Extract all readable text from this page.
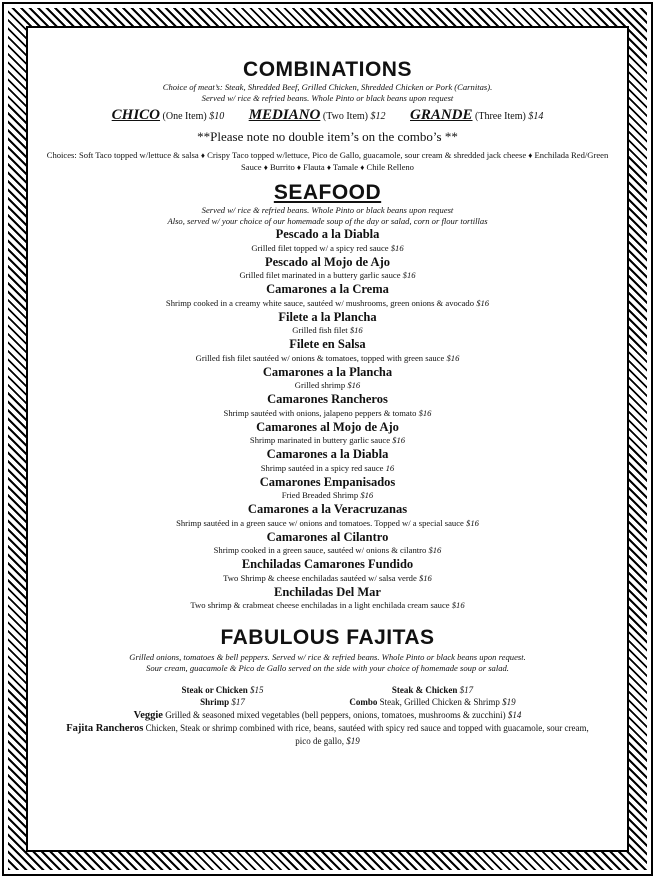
COMBINATIONS
Choice of meat’s: Steak, Shredded Beef, Grilled Chicken, Shredded Chicken or Pork (Carnitas).
Served w/ rice & refried beans. Whole Pinto or black beans upon request
CHICO (One Item) $10 MEDIANO (Two Item) $12 GRANDE (Three Item) $14
**Please note no double item’s on the combo’s **
Choices: Soft Taco topped w/lettuce & salsa ♦ Crispy Taco topped w/lettuce, Pico de Gallo, guacamole, sour cream & shredded jack cheese ♦ Enchilada Red/Green Sauce ♦ Burrito ♦ Flauta ♦ Tamale ♦ Chile Relleno
SEAFOOD
Served w/ rice & refried beans. Whole Pinto or black beans upon request
Also, served w/ your choice of our homemade soup of the day or salad, corn or flour tortillas
Pescado a la Diabla
Grilled filet topped w/ a spicy red sauce $16
Pescado al Mojo de Ajo
Grilled filet marinated in a buttery garlic sauce $16
Camarones a la Crema
Shrimp cooked in a creamy white sauce, sautéed w/ mushrooms, green onions & avocado $16
Filete a la Plancha
Grilled fish filet $16
Filete en Salsa
Grilled fish filet sautéed w/ onions & tomatoes, topped with green sauce $16
Camarones a la Plancha
Grilled shrimp $16
Camarones Rancheros
Shrimp sautéed with onions, jalapeno peppers & tomato $16
Camarones al Mojo de Ajo
Shrimp marinated in buttery garlic sauce $16
Camarones a la Diabla
Shrimp sautéed in a spicy red sauce 16
Camarones Empanisados
Fried Breaded Shrimp $16
Camarones a la Veracruzanas
Shrimp sautéed in a green sauce w/ onions and tomatoes. Topped w/ a special sauce $16
Camarones al Cilantro
Shrimp cooked in a green sauce, sautéed w/ onions & cilantro $16
Enchiladas Camarones Fundido
Two Shrimp & cheese enchiladas sautéed w/ salsa verde $16
Enchiladas Del Mar
Two shrimp & crabmeat cheese enchiladas in a light enchilada cream sauce $16
FABULOUS FAJITAS
Grilled onions, tomatoes & bell peppers. Served w/ rice & refried beans. Whole Pinto or black beans upon request.
Sour cream, guacamole & Pico de Gallo served on the side with your choice of homemade soup or salad.
Steak or Chicken $15	Steak & Chicken $17
Shrimp $17	Combo Steak, Grilled Chicken & Shrimp $19
Veggie Grilled & seasoned mixed vegetables (bell peppers, onions, tomatoes, mushrooms & zucchini) $14
Fajita Rancheros Chicken, Steak or shrimp combined with rice, beans, sautéed with spicy red sauce and topped with guacamole, sour cream, pico de gallo, $19
